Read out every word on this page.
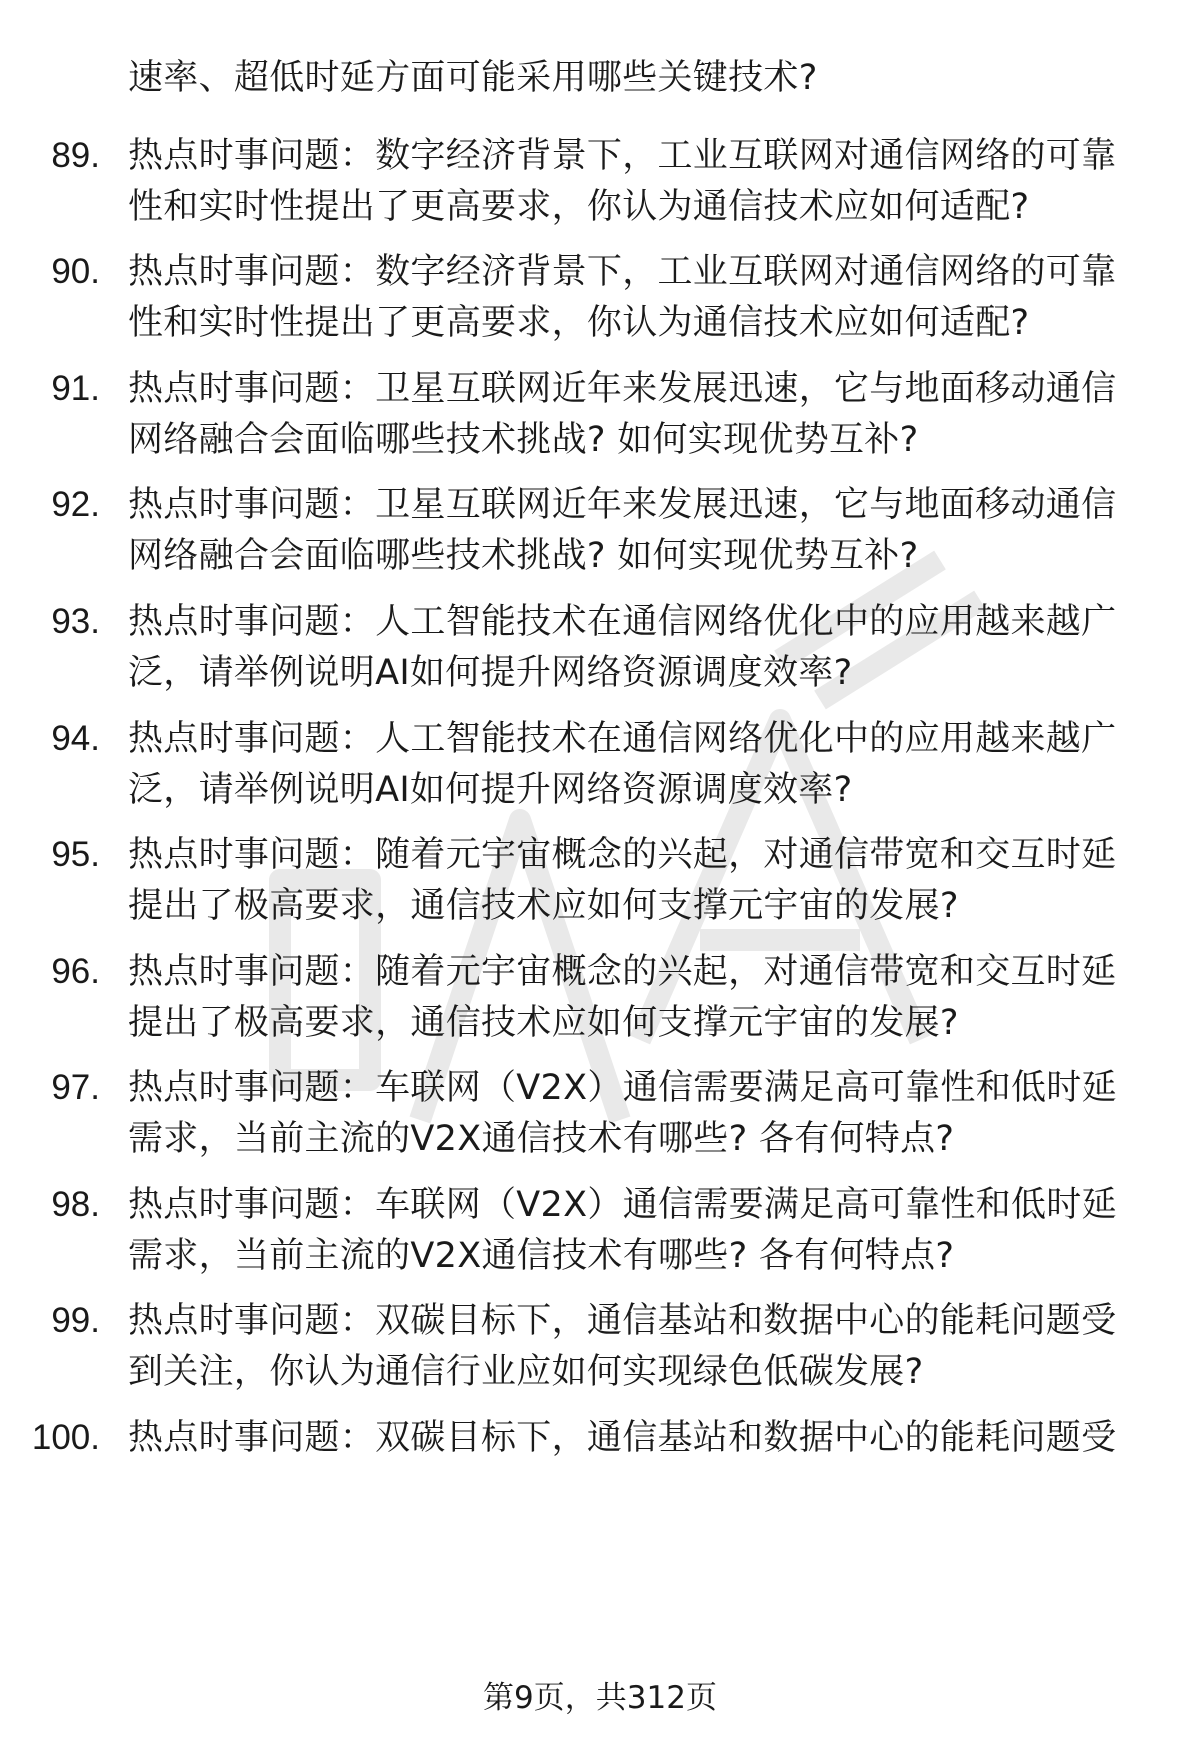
速率、超低时延方面可能采用哪些关键技术?
89. 热点时事问题：数字经济背景下，工业互联网对通信网络的可靠
性和实时性提出了更高要求，你认为通信技术应如何适配?
90. 热点时事问题：数字经济背景下，工业互联网对通信网络的可靠
性和实时性提出了更高要求，你认为通信技术应如何适配?
91. 热点时事问题：卫星互联网近年来发展迅速，它与地面移动通信
网络融合会面临哪些技术挑战? 如何实现优势互补?
92. 热点时事问题：卫星互联网近年来发展迅速，它与地面移动通信
网络融合会面临哪些技术挑战? 如何实现优势互补?
93. 热点时事问题：人工智能技术在通信网络优化中的应用越来越广
泛，请举例说明AI如何提升网络资源调度效率?
94. 热点时事问题：人工智能技术在通信网络优化中的应用越来越广
泛，请举例说明AI如何提升网络资源调度效率?
95. 热点时事问题：随着元宇宙概念的兴起，对通信带宽和交互时延
提出了极高要求，通信技术应如何支撑元宇宙的发展?
96. 热点时事问题：随着元宇宙概念的兴起，对通信带宽和交互时延
提出了极高要求，通信技术应如何支撑元宇宙的发展?
97. 热点时事问题：车联网（V2X）通信需要满足高可靠性和低时延
需求，当前主流的V2X通信技术有哪些? 各有何特点?
98. 热点时事问题：车联网（V2X）通信需要满足高可靠性和低时延
需求，当前主流的V2X通信技术有哪些? 各有何特点?
99. 热点时事问题：双碳目标下，通信基站和数据中心的能耗问题受
到关注，你认为通信行业应如何实现绿色低碳发展?
100. 热点时事问题：双碳目标下，通信基站和数据中心的能耗问题受
第9页，共312页
